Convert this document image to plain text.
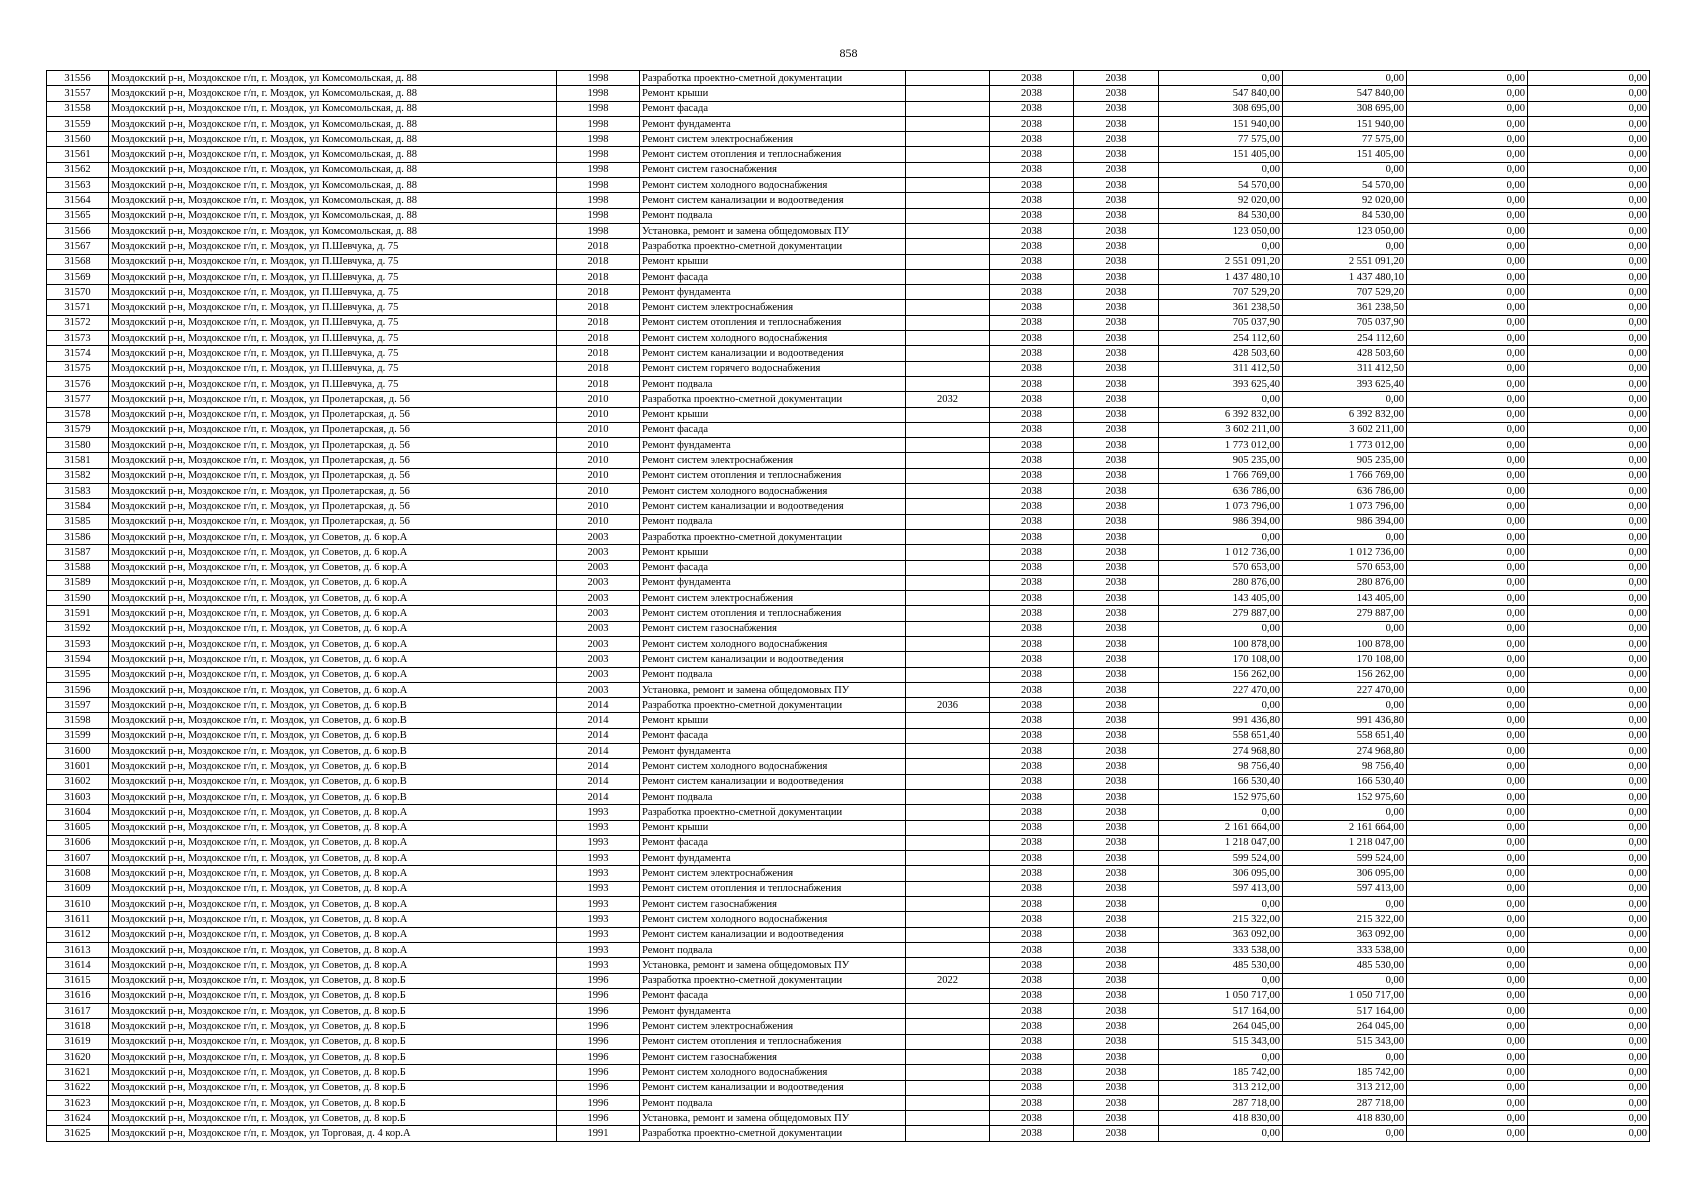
858
31556	Моздокский р-н, Моздокское г/п, г. Моздок, ул Комсомольская, д. 88	1998	Разработка проектно-сметной документации		2038	2038	0,00	0,00	0,00	0,00
31557	Моздокский р-н, Моздокское г/п, г. Моздок, ул Комсомольская, д. 88	1998	Ремонт крыши		2038	2038	547 840,00	547 840,00	0,00	0,00
31558	Моздокский р-н, Моздокское г/п, г. Моздок, ул Комсомольская, д. 88	1998	Ремонт фасада		2038	2038	308 695,00	308 695,00	0,00	0,00
31559	Моздокский р-н, Моздокское г/п, г. Моздок, ул Комсомольская, д. 88	1998	Ремонт фундамента		2038	2038	151 940,00	151 940,00	0,00	0,00
31560	Моздокский р-н, Моздокское г/п, г. Моздок, ул Комсомольская, д. 88	1998	Ремонт систем электроснабжения		2038	2038	77 575,00	77 575,00	0,00	0,00
31561	Моздокский р-н, Моздокское г/п, г. Моздок, ул Комсомольская, д. 88	1998	Ремонт систем отопления и теплоснабжения		2038	2038	151 405,00	151 405,00	0,00	0,00
31562	Моздокский р-н, Моздокское г/п, г. Моздок, ул Комсомольская, д. 88	1998	Ремонт систем газоснабжения		2038	2038	0,00	0,00	0,00	0,00
31563	Моздокский р-н, Моздокское г/п, г. Моздок, ул Комсомольская, д. 88	1998	Ремонт систем холодного водоснабжения		2038	2038	54 570,00	54 570,00	0,00	0,00
31564	Моздокский р-н, Моздокское г/п, г. Моздок, ул Комсомольская, д. 88	1998	Ремонт систем канализации и водоотведения		2038	2038	92 020,00	92 020,00	0,00	0,00
31565	Моздокский р-н, Моздокское г/п, г. Моздок, ул Комсомольская, д. 88	1998	Ремонт подвала		2038	2038	84 530,00	84 530,00	0,00	0,00
31566	Моздокский р-н, Моздокское г/п, г. Моздок, ул Комсомольская, д. 88	1998	Установка, ремонт и замена общедомовых ПУ		2038	2038	123 050,00	123 050,00	0,00	0,00
31567	Моздокский р-н, Моздокское г/п, г. Моздок, ул П.Шевчука, д. 75	2018	Разработка проектно-сметной документации		2038	2038	0,00	0,00	0,00	0,00
31568	Моздокский р-н, Моздокское г/п, г. Моздок, ул П.Шевчука, д. 75	2018	Ремонт крыши		2038	2038	2 551 091,20	2 551 091,20	0,00	0,00
31569	Моздокский р-н, Моздокское г/п, г. Моздок, ул П.Шевчука, д. 75	2018	Ремонт фасада		2038	2038	1 437 480,10	1 437 480,10	0,00	0,00
31570	Моздокский р-н, Моздокское г/п, г. Моздок, ул П.Шевчука, д. 75	2018	Ремонт фундамента		2038	2038	707 529,20	707 529,20	0,00	0,00
31571	Моздокский р-н, Моздокское г/п, г. Моздок, ул П.Шевчука, д. 75	2018	Ремонт систем электроснабжения		2038	2038	361 238,50	361 238,50	0,00	0,00
31572	Моздокский р-н, Моздокское г/п, г. Моздок, ул П.Шевчука, д. 75	2018	Ремонт систем отопления и теплоснабжения		2038	2038	705 037,90	705 037,90	0,00	0,00
31573	Моздокский р-н, Моздокское г/п, г. Моздок, ул П.Шевчука, д. 75	2018	Ремонт систем холодного водоснабжения		2038	2038	254 112,60	254 112,60	0,00	0,00
31574	Моздокский р-н, Моздокское г/п, г. Моздок, ул П.Шевчука, д. 75	2018	Ремонт систем канализации и водоотведения		2038	2038	428 503,60	428 503,60	0,00	0,00
31575	Моздокский р-н, Моздокское г/п, г. Моздок, ул П.Шевчука, д. 75	2018	Ремонт систем горячего водоснабжения		2038	2038	311 412,50	311 412,50	0,00	0,00
31576	Моздокский р-н, Моздокское г/п, г. Моздок, ул П.Шевчука, д. 75	2018	Ремонт подвала		2038	2038	393 625,40	393 625,40	0,00	0,00
31577	Моздокский р-н, Моздокское г/п, г. Моздок, ул Пролетарская, д. 56	2010	Разработка проектно-сметной документации	2032	2038	2038	0,00	0,00	0,00	0,00
31578	Моздокский р-н, Моздокское г/п, г. Моздок, ул Пролетарская, д. 56	2010	Ремонт крыши		2038	2038	6 392 832,00	6 392 832,00	0,00	0,00
31579	Моздокский р-н, Моздокское г/п, г. Моздок, ул Пролетарская, д. 56	2010	Ремонт фасада		2038	2038	3 602 211,00	3 602 211,00	0,00	0,00
31580	Моздокский р-н, Моздокское г/п, г. Моздок, ул Пролетарская, д. 56	2010	Ремонт фундамента		2038	2038	1 773 012,00	1 773 012,00	0,00	0,00
31581	Моздокский р-н, Моздокское г/п, г. Моздок, ул Пролетарская, д. 56	2010	Ремонт систем электроснабжения		2038	2038	905 235,00	905 235,00	0,00	0,00
31582	Моздокский р-н, Моздокское г/п, г. Моздок, ул Пролетарская, д. 56	2010	Ремонт систем отопления и теплоснабжения		2038	2038	1 766 769,00	1 766 769,00	0,00	0,00
31583	Моздокский р-н, Моздокское г/п, г. Моздок, ул Пролетарская, д. 56	2010	Ремонт систем холодного водоснабжения		2038	2038	636 786,00	636 786,00	0,00	0,00
31584	Моздокский р-н, Моздокское г/п, г. Моздок, ул Пролетарская, д. 56	2010	Ремонт систем канализации и водоотведения		2038	2038	1 073 796,00	1 073 796,00	0,00	0,00
31585	Моздокский р-н, Моздокское г/п, г. Моздок, ул Пролетарская, д. 56	2010	Ремонт подвала		2038	2038	986 394,00	986 394,00	0,00	0,00
31586	Моздокский р-н, Моздокское г/п, г. Моздок, ул Советов, д. 6 кор.А	2003	Разработка проектно-сметной документации		2038	2038	0,00	0,00	0,00	0,00
31587	Моздокский р-н, Моздокское г/п, г. Моздок, ул Советов, д. 6 кор.А	2003	Ремонт крыши		2038	2038	1 012 736,00	1 012 736,00	0,00	0,00
31588	Моздокский р-н, Моздокское г/п, г. Моздок, ул Советов, д. 6 кор.А	2003	Ремонт фасада		2038	2038	570 653,00	570 653,00	0,00	0,00
31589	Моздокский р-н, Моздокское г/п, г. Моздок, ул Советов, д. 6 кор.А	2003	Ремонт фундамента		2038	2038	280 876,00	280 876,00	0,00	0,00
31590	Моздокский р-н, Моздокское г/п, г. Моздок, ул Советов, д. 6 кор.А	2003	Ремонт систем электроснабжения		2038	2038	143 405,00	143 405,00	0,00	0,00
31591	Моздокский р-н, Моздокское г/п, г. Моздок, ул Советов, д. 6 кор.А	2003	Ремонт систем отопления и теплоснабжения		2038	2038	279 887,00	279 887,00	0,00	0,00
31592	Моздокский р-н, Моздокское г/п, г. Моздок, ул Советов, д. 6 кор.А	2003	Ремонт систем газоснабжения		2038	2038	0,00	0,00	0,00	0,00
31593	Моздокский р-н, Моздокское г/п, г. Моздок, ул Советов, д. 6 кор.А	2003	Ремонт систем холодного водоснабжения		2038	2038	100 878,00	100 878,00	0,00	0,00
31594	Моздокский р-н, Моздокское г/п, г. Моздок, ул Советов, д. 6 кор.А	2003	Ремонт систем канализации и водоотведения		2038	2038	170 108,00	170 108,00	0,00	0,00
31595	Моздокский р-н, Моздокское г/п, г. Моздок, ул Советов, д. 6 кор.А	2003	Ремонт подвала		2038	2038	156 262,00	156 262,00	0,00	0,00
31596	Моздокский р-н, Моздокское г/п, г. Моздок, ул Советов, д. 6 кор.А	2003	Установка, ремонт и замена общедомовых ПУ		2038	2038	227 470,00	227 470,00	0,00	0,00
31597	Моздокский р-н, Моздокское г/п, г. Моздок, ул Советов, д. 6 кор.В	2014	Разработка проектно-сметной документации	2036	2038	2038	0,00	0,00	0,00	0,00
31598	Моздокский р-н, Моздокское г/п, г. Моздок, ул Советов, д. 6 кор.В	2014	Ремонт крыши		2038	2038	991 436,80	991 436,80	0,00	0,00
31599	Моздокский р-н, Моздокское г/п, г. Моздок, ул Советов, д. 6 кор.В	2014	Ремонт фасада		2038	2038	558 651,40	558 651,40	0,00	0,00
31600	Моздокский р-н, Моздокское г/п, г. Моздок, ул Советов, д. 6 кор.В	2014	Ремонт фундамента		2038	2038	274 968,80	274 968,80	0,00	0,00
31601	Моздокский р-н, Моздокское г/п, г. Моздок, ул Советов, д. 6 кор.В	2014	Ремонт систем холодного водоснабжения		2038	2038	98 756,40	98 756,40	0,00	0,00
31602	Моздокский р-н, Моздокское г/п, г. Моздок, ул Советов, д. 6 кор.В	2014	Ремонт систем канализации и водоотведения		2038	2038	166 530,40	166 530,40	0,00	0,00
31603	Моздокский р-н, Моздокское г/п, г. Моздок, ул Советов, д. 6 кор.В	2014	Ремонт подвала		2038	2038	152 975,60	152 975,60	0,00	0,00
31604	Моздокский р-н, Моздокское г/п, г. Моздок, ул Советов, д. 8 кор.А	1993	Разработка проектно-сметной документации		2038	2038	0,00	0,00	0,00	0,00
31605	Моздокский р-н, Моздокское г/п, г. Моздок, ул Советов, д. 8 кор.А	1993	Ремонт крыши		2038	2038	2 161 664,00	2 161 664,00	0,00	0,00
31606	Моздокский р-н, Моздокское г/п, г. Моздок, ул Советов, д. 8 кор.А	1993	Ремонт фасада		2038	2038	1 218 047,00	1 218 047,00	0,00	0,00
31607	Моздокский р-н, Моздокское г/п, г. Моздок, ул Советов, д. 8 кор.А	1993	Ремонт фундамента		2038	2038	599 524,00	599 524,00	0,00	0,00
31608	Моздокский р-н, Моздокское г/п, г. Моздок, ул Советов, д. 8 кор.А	1993	Ремонт систем электроснабжения		2038	2038	306 095,00	306 095,00	0,00	0,00
31609	Моздокский р-н, Моздокское г/п, г. Моздок, ул Советов, д. 8 кор.А	1993	Ремонт систем отопления и теплоснабжения		2038	2038	597 413,00	597 413,00	0,00	0,00
31610	Моздокский р-н, Моздокское г/п, г. Моздок, ул Советов, д. 8 кор.А	1993	Ремонт систем газоснабжения		2038	2038	0,00	0,00	0,00	0,00
31611	Моздокский р-н, Моздокское г/п, г. Моздок, ул Советов, д. 8 кор.А	1993	Ремонт систем холодного водоснабжения		2038	2038	215 322,00	215 322,00	0,00	0,00
31612	Моздокский р-н, Моздокское г/п, г. Моздок, ул Советов, д. 8 кор.А	1993	Ремонт систем канализации и водоотведения		2038	2038	363 092,00	363 092,00	0,00	0,00
31613	Моздокский р-н, Моздокское г/п, г. Моздок, ул Советов, д. 8 кор.А	1993	Ремонт подвала		2038	2038	333 538,00	333 538,00	0,00	0,00
31614	Моздокский р-н, Моздокское г/п, г. Моздок, ул Советов, д. 8 кор.А	1993	Установка, ремонт и замена общедомовых ПУ		2038	2038	485 530,00	485 530,00	0,00	0,00
31615	Моздокский р-н, Моздокское г/п, г. Моздок, ул Советов, д. 8 кор.Б	1996	Разработка проектно-сметной документации	2022	2038	2038	0,00	0,00	0,00	0,00
31616	Моздокский р-н, Моздокское г/п, г. Моздок, ул Советов, д. 8 кор.Б	1996	Ремонт фасада		2038	2038	1 050 717,00	1 050 717,00	0,00	0,00
31617	Моздокский р-н, Моздокское г/п, г. Моздок, ул Советов, д. 8 кор.Б	1996	Ремонт фундамента		2038	2038	517 164,00	517 164,00	0,00	0,00
31618	Моздокский р-н, Моздокское г/п, г. Моздок, ул Советов, д. 8 кор.Б	1996	Ремонт систем электроснабжения		2038	2038	264 045,00	264 045,00	0,00	0,00
31619	Моздокский р-н, Моздокское г/п, г. Моздок, ул Советов, д. 8 кор.Б	1996	Ремонт систем отопления и теплоснабжения		2038	2038	515 343,00	515 343,00	0,00	0,00
31620	Моздокский р-н, Моздокское г/п, г. Моздок, ул Советов, д. 8 кор.Б	1996	Ремонт систем газоснабжения		2038	2038	0,00	0,00	0,00	0,00
31621	Моздокский р-н, Моздокское г/п, г. Моздок, ул Советов, д. 8 кор.Б	1996	Ремонт систем холодного водоснабжения		2038	2038	185 742,00	185 742,00	0,00	0,00
31622	Моздокский р-н, Моздокское г/п, г. Моздок, ул Советов, д. 8 кор.Б	1996	Ремонт систем канализации и водоотведения		2038	2038	313 212,00	313 212,00	0,00	0,00
31623	Моздокский р-н, Моздокское г/п, г. Моздок, ул Советов, д. 8 кор.Б	1996	Ремонт подвала		2038	2038	287 718,00	287 718,00	0,00	0,00
31624	Моздокский р-н, Моздокское г/п, г. Моздок, ул Советов, д. 8 кор.Б	1996	Установка, ремонт и замена общедомовых ПУ		2038	2038	418 830,00	418 830,00	0,00	0,00
31625	Моздокский р-н, Моздокское г/п, г. Моздок, ул Торговая, д. 4 кор.А	1991	Разработка проектно-сметной документации		2038	2038	0,00	0,00	0,00	0,00
